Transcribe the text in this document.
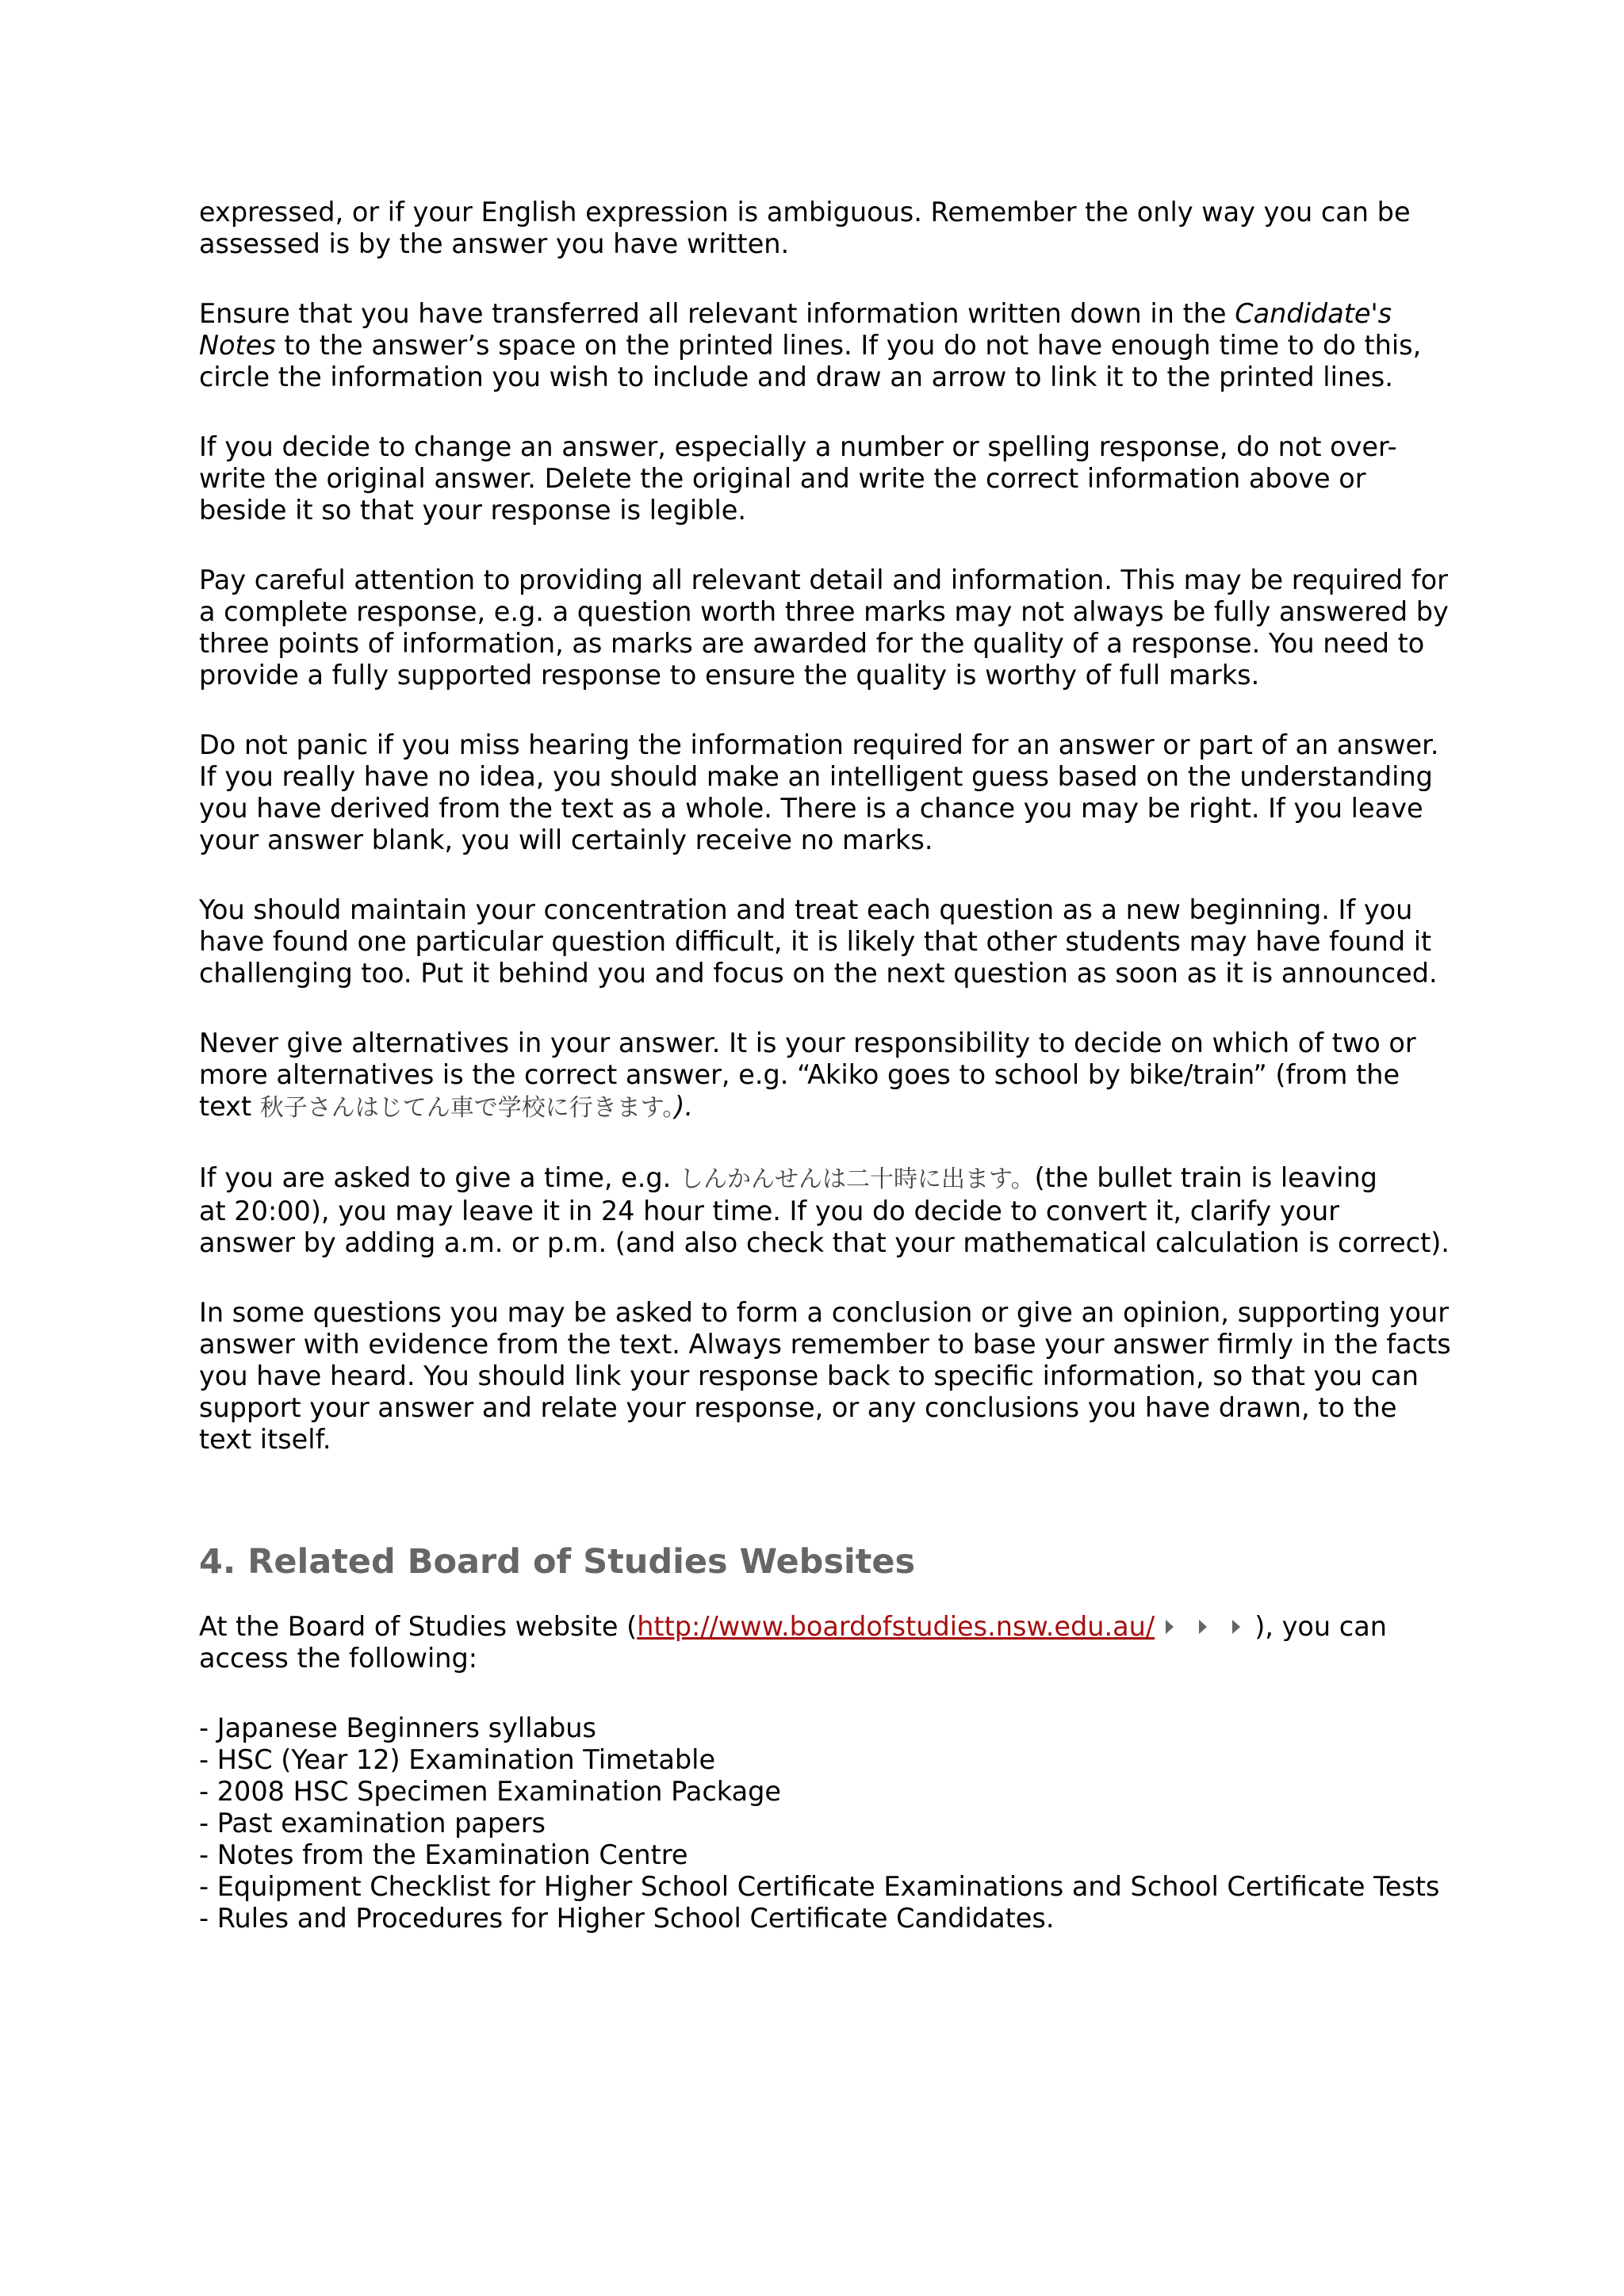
expressed, or if your English expression is ambiguous. Remember the only way you can be
assessed is by the answer you have written.

Ensure that you have transferred all relevant information written down in the Candidate's
Notes to the answer’s space on the printed lines. If you do not have enough time to do this,
circle the information you wish to include and draw an arrow to link it to the printed lines.

If you decide to change an answer, especially a number or spelling response, do not over-
write the original answer. Delete the original and write the correct information above or
beside it so that your response is legible.

Pay careful attention to providing all relevant detail and information. This may be required for
a complete response, e.g. a question worth three marks may not always be fully answered by
three points of information, as marks are awarded for the quality of a response. You need to
provide a fully supported response to ensure the quality is worthy of full marks.

Do not panic if you miss hearing the information required for an answer or part of an answer.
If you really have no idea, you should make an intelligent guess based on the understanding
you have derived from the text as a whole. There is a chance you may be right. If you leave
your answer blank, you will certainly receive no marks.

You should maintain your concentration and treat each question as a new beginning. If you
have found one particular question difficult, it is likely that other students may have found it
challenging too. Put it behind you and focus on the next question as soon as it is announced.

Never give alternatives in your answer. It is your responsibility to decide on which of two or
more alternatives is the correct answer, e.g. “Akiko goes to school by bike/train” (from the
text 秋子さんはじてん車で学校に行きます。).

If you are asked to give a time, e.g. しんかんせんは二十時に出ます。(the bullet train is leaving
at 20:00), you may leave it in 24 hour time. If you do decide to convert it, clarify your
answer by adding a.m. or p.m. (and also check that your mathematical calculation is correct).

In some questions you may be asked to form a conclusion or give an opinion, supporting your
answer with evidence from the text. Always remember to base your answer firmly in the facts
you have heard. You should link your response back to specific information, so that you can
support your answer and relate your response, or any conclusions you have drawn, to the
text itself.

4. Related Board of Studies Websites

At the Board of Studies website (http://www.boardofstudies.nsw.edu.au/	), you can
access the following:

- Japanese Beginners syllabus
- HSC (Year 12) Examination Timetable
- 2008 HSC Specimen Examination Package
- Past examination papers
- Notes from the Examination Centre
- Equipment Checklist for Higher School Certificate Examinations and School Certificate Tests
- Rules and Procedures for Higher School Certificate Candidates.
